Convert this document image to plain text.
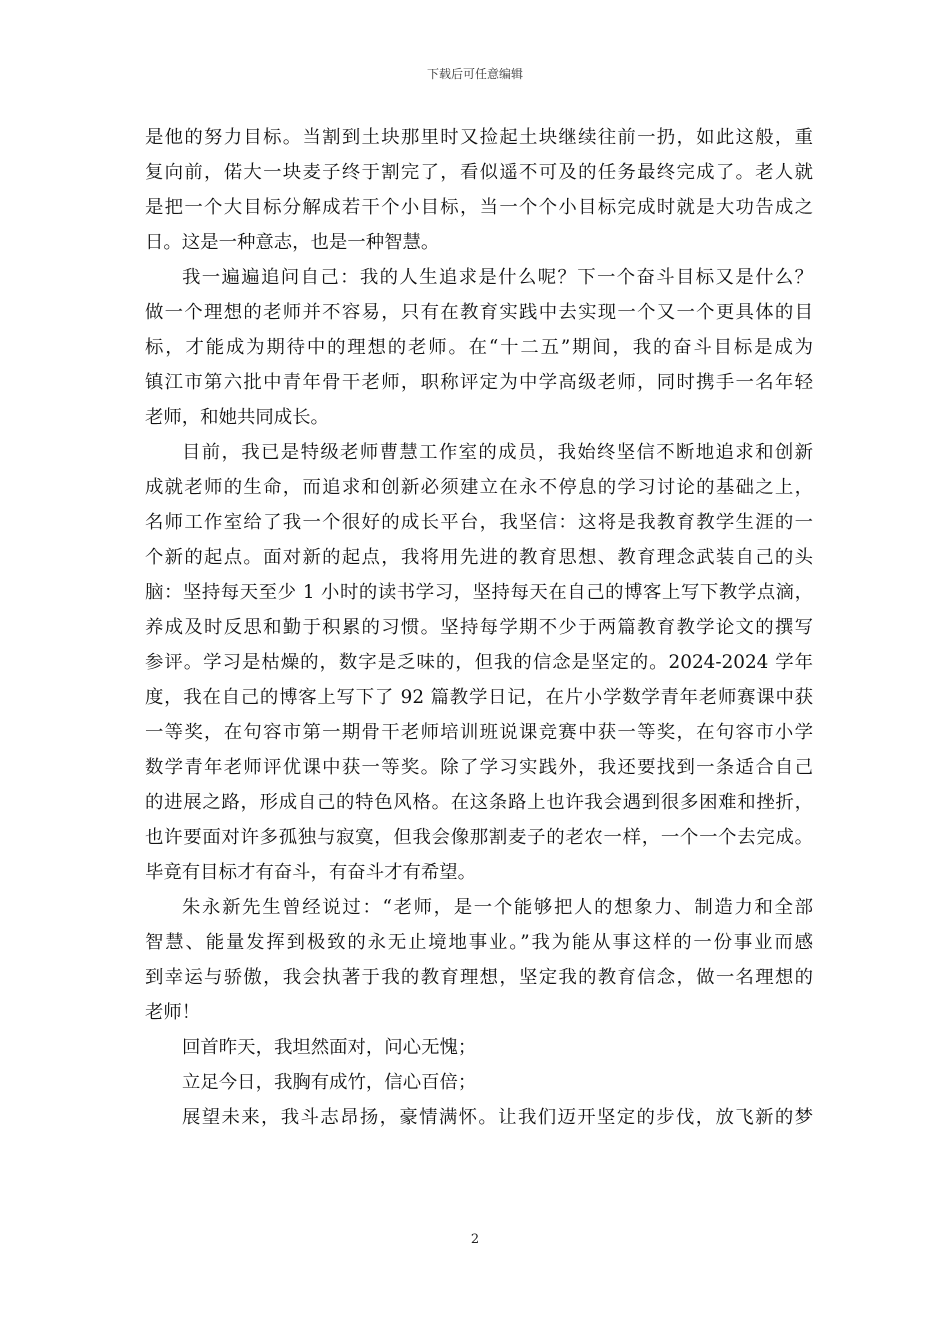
下载后可任意编辑
是他的努力目标。当割到土块那里时又捡起土块继续往前一扔，如此这般，重
复向前，偌大一块麦子终于割完了，看似遥不可及的任务最终完成了。老人就
是把一个大目标分解成若干个小目标，当一个个小目标完成时就是大功告成之
日。这是一种意志，也是一种智慧。
我一遍遍追问自己：我的人生追求是什么呢？下一个奋斗目标又是什么？
做一个理想的老师并不容易，只有在教育实践中去实现一个又一个更具体的目
标，才能成为期待中的理想的老师。在“十二五”期间，我的奋斗目标是成为
镇江市第六批中青年骨干老师，职称评定为中学高级老师，同时携手一名年轻
老师，和她共同成长。
目前，我已是特级老师曹慧工作室的成员，我始终坚信不断地追求和创新
成就老师的生命，而追求和创新必须建立在永不停息的学习讨论的基础之上，
名师工作室给了我一个很好的成长平台，我坚信：这将是我教育教学生涯的一
个新的起点。面对新的起点，我将用先进的教育思想、教育理念武装自己的头
脑：坚持每天至少 1 小时的读书学习，坚持每天在自己的博客上写下教学点滴，
养成及时反思和勤于积累的习惯。坚持每学期不少于两篇教育教学论文的撰写
参评。学习是枯燥的，数字是乏味的，但我的信念是坚定的。2024-2024 学年
度，我在自己的博客上写下了 92 篇教学日记，在片小学数学青年老师赛课中获
一等奖，在句容市第一期骨干老师培训班说课竞赛中获一等奖，在句容市小学
数学青年老师评优课中获一等奖。除了学习实践外，我还要找到一条适合自己
的进展之路，形成自己的特色风格。在这条路上也许我会遇到很多困难和挫折，
也许要面对许多孤独与寂寞，但我会像那割麦子的老农一样，一个一个去完成。
毕竟有目标才有奋斗，有奋斗才有希望。
朱永新先生曾经说过：“老师，是一个能够把人的想象力、制造力和全部
智慧、能量发挥到极致的永无止境地事业。”我为能从事这样的一份事业而感
到幸运与骄傲，我会执著于我的教育理想，坚定我的教育信念，做一名理想的
老师！
回首昨天，我坦然面对，问心无愧；
立足今日，我胸有成竹，信心百倍；
展望未来，我斗志昂扬，豪情满怀。让我们迈开坚定的步伐，放飞新的梦
2
